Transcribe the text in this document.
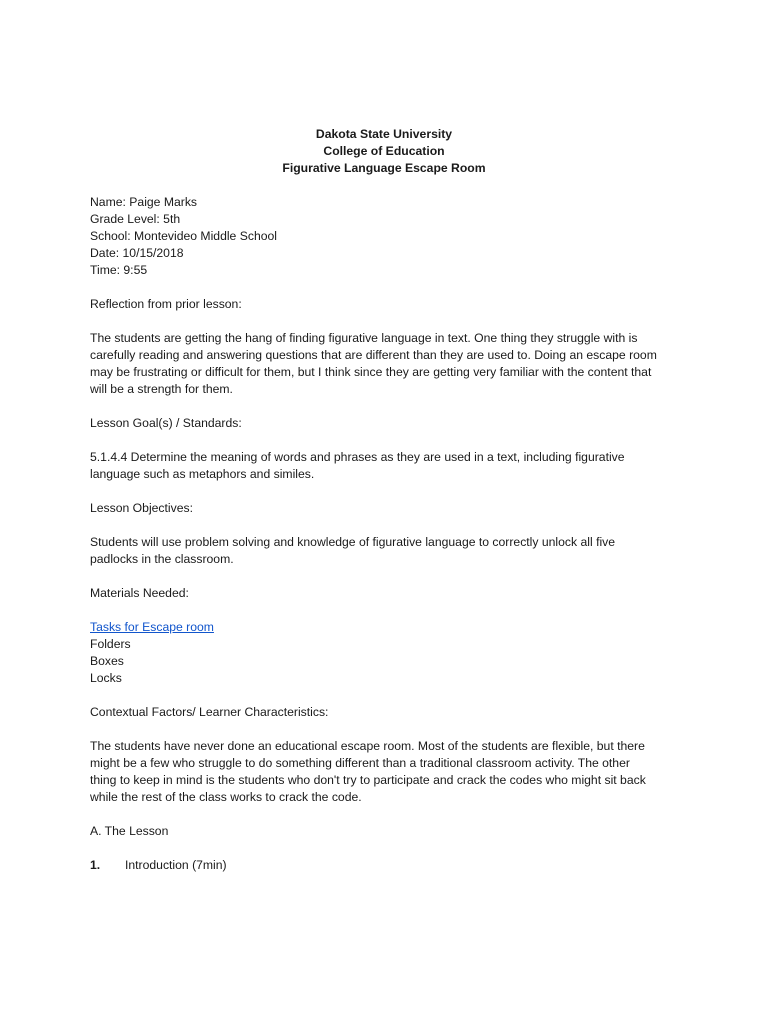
Dakota State University
College of Education
Figurative Language Escape Room
Name: Paige Marks
Grade Level: 5th
School: Montevideo Middle School
Date: 10/15/2018
Time: 9:55
Reflection from prior lesson:
The students are getting the hang of finding figurative language in text. One thing they struggle with is
carefully reading and answering questions that are different than they are used to. Doing an escape room
may be frustrating or difficult for them, but I think since they are getting very familiar with the content that
will be a strength for them.
Lesson Goal(s) / Standards:
5.1.4.4 Determine the meaning of words and phrases as they are used in a text, including figurative
language such as metaphors and similes.
Lesson Objectives:
Students will use problem solving and knowledge of figurative language to correctly unlock all five
padlocks in the classroom.
Materials Needed:
Tasks for Escape room
Folders
Boxes
Locks
Contextual Factors/ Learner Characteristics:
The students have never done an educational escape room. Most of the students are flexible, but there
might be a few who struggle to do something different than a traditional classroom activity. The other
thing to keep in mind is the students who don't try to participate and crack the codes who might sit back
while the rest of the class works to crack the code.
A. The Lesson
1.	Introduction (7min)
